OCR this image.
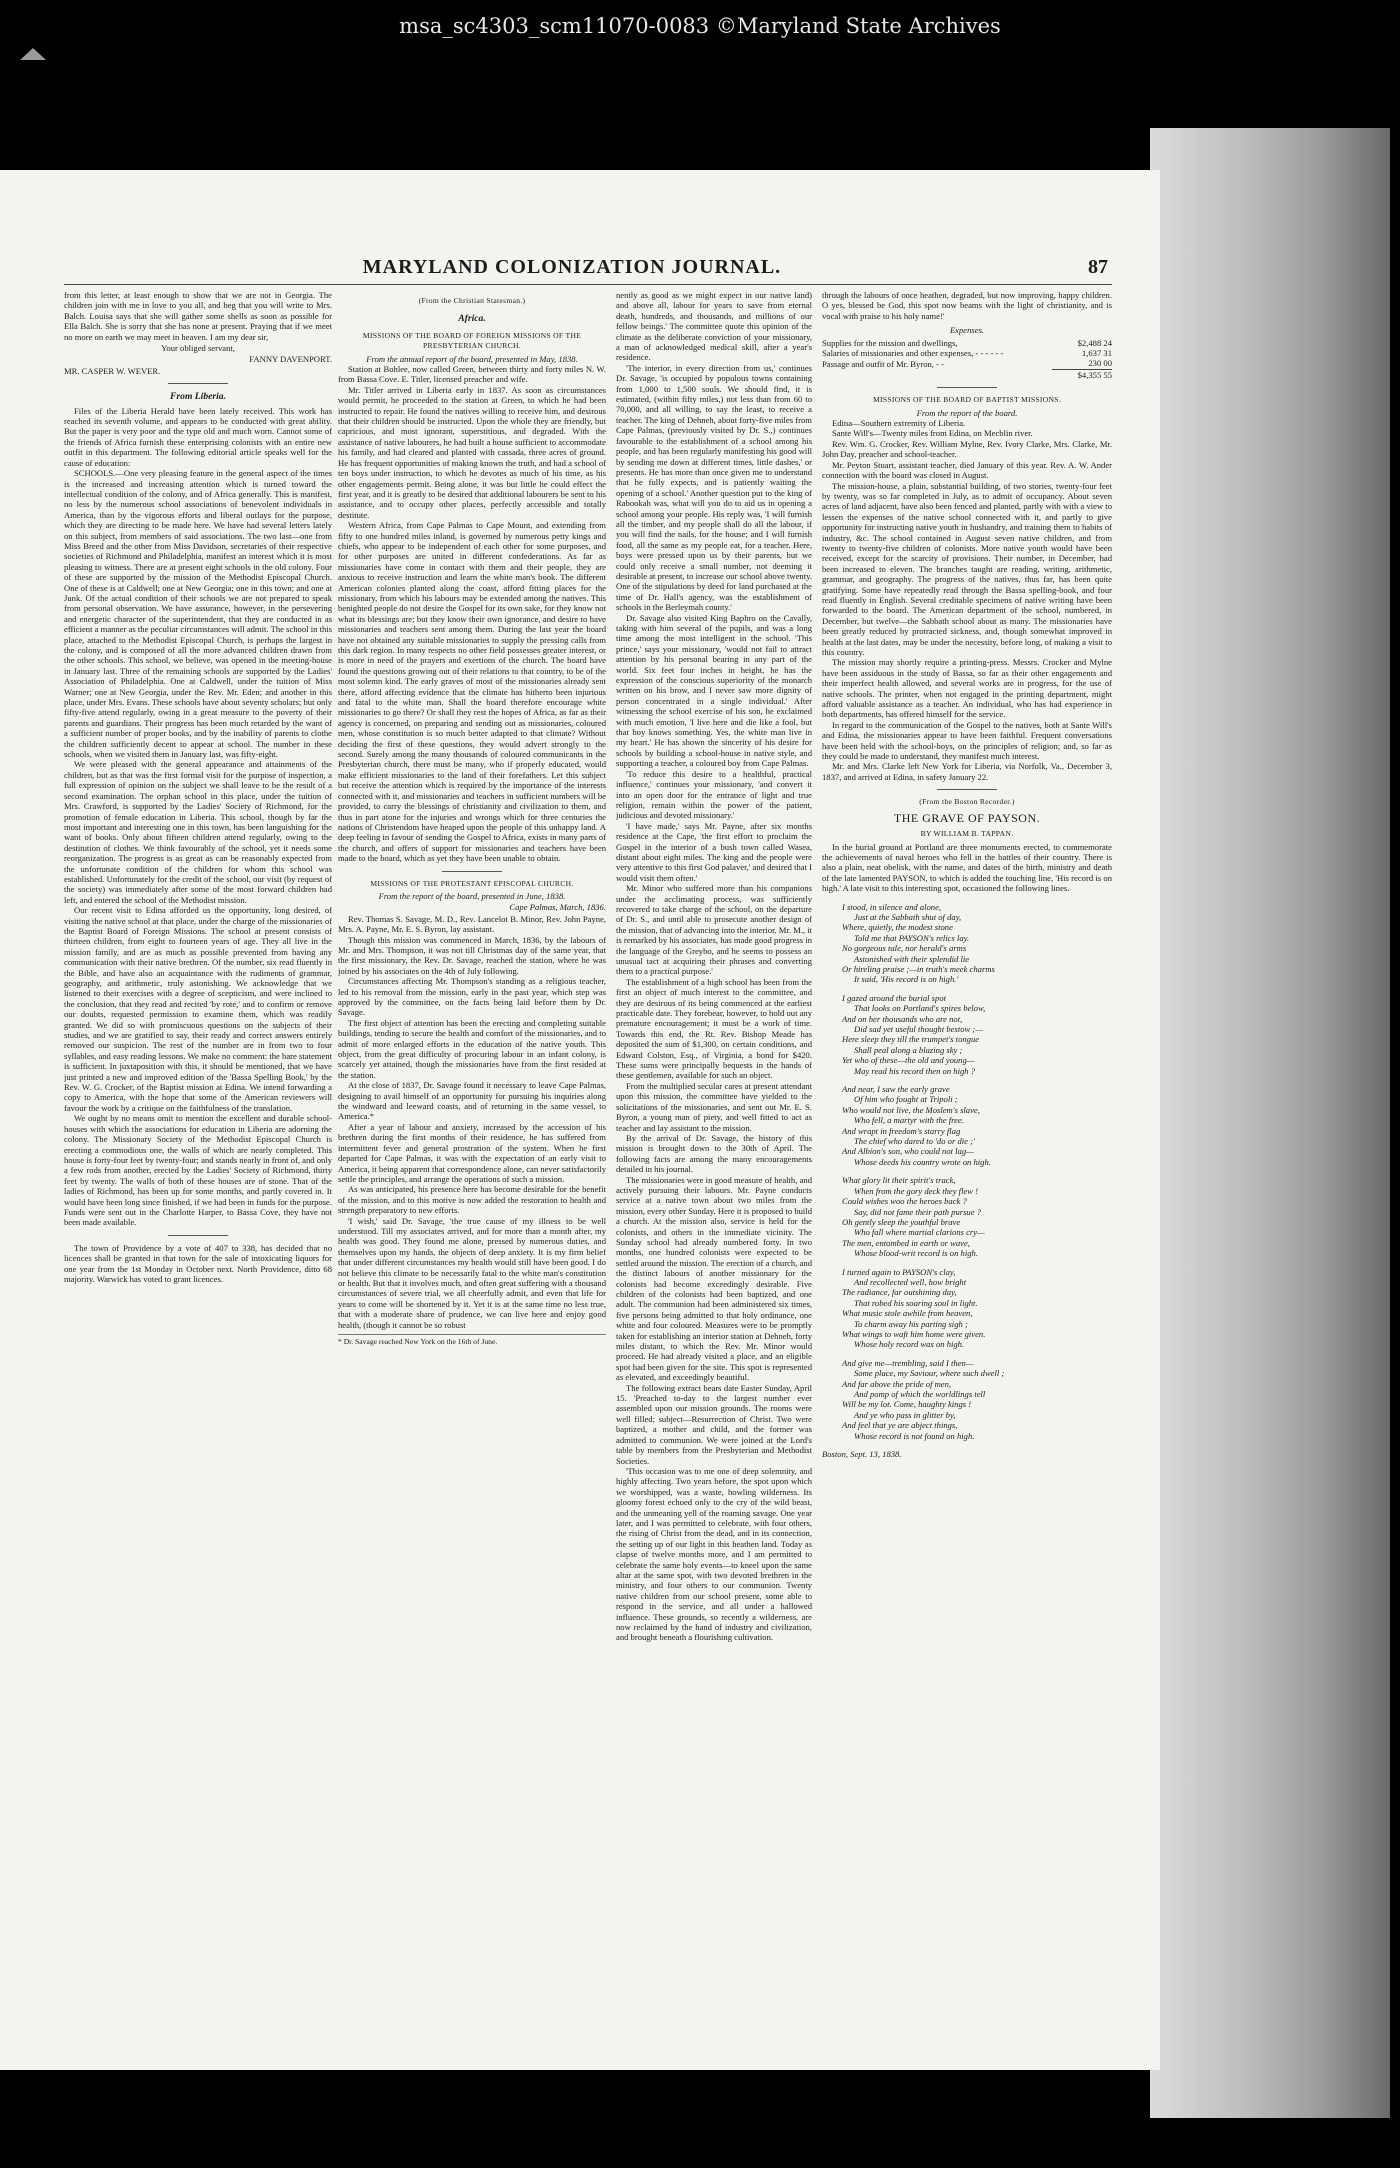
msa_sc4303_scm11070-0083 ©Maryland State Archives
MARYLAND COLONIZATION JOURNAL.	87

from this letter, at least enough to show that we are not in Georgia. The children join with me in love to you all, and beg that you will write to Mrs. Balch. Louisa says that she will gather some shells as soon as possible for Ella Balch. She is sorry that she has none at present. Praying that if we meet no more on earth we may meet in heaven. I am my dear sir,

Your obliged servant,
FANNY DAVENPORT.

MR. CASPER W. WEVER.

From Liberia.

Files of the Liberia Herald have been lately received. This work has reached its seventh volume, and appears to be conducted with great ability. But the paper is very poor and the type old and much worn. Cannot some of the friends of Africa furnish these enterprising colonists with an entire new outfit in this department. The following editorial article speaks well for the cause of education:

SCHOOLS.—One very pleasing feature in the general aspect of the times is the increased and increasing attention which is turned toward the intellectual condition of the colony, and of Africa generally. This is manifest, no less by the numerous school associations of benevolent individuals in America, than by the vigorous efforts and liberal outlays for the purpose, which they are directing to be made here. We have had several letters lately on this subject, from members of said associations. The two last—one from Miss Breed and the other from Miss Davidson, secretaries of their respective societies of Richmond and Philadelphia, manifest an interest which it is most pleasing to witness. There are at present eight schools in the old colony. Four of these are supported by the mission of the Methodist Episcopal Church. One of these is at Caldwell; one at New Georgia; one in this town; and one at Junk. Of the actual condition of their schools we are not prepared to speak from personal observation. We have assurance, however, in the persevering and energetic character of the superintendent, that they are conducted in as efficient a manner as the peculiar circumstances will admit. The school in this place, attached to the Methodist Episcopal Church, is perhaps the largest in the colony, and is composed of all the more advanced children drawn from the other schools. This school, we believe, was opened in the meeting-house in January last. Three of the remaining schools are supported by the Ladies' Association of Philadelphia. One at Caldwell, under the tuition of Miss Warner; one at New Georgia, under the Rev. Mr. Eden; and another in this place, under Mrs. Evans. These schools have about seventy scholars; but only fifty-five attend regularly, owing in a great measure to the poverty of their parents and guardians. Their progress has been much retarded by the want of a sufficient number of proper books, and by the inability of parents to clothe the children sufficiently decent to appear at school. The number in these schools, when we visited them in January last, was fifty-eight.

We were pleased with the general appearance and attainments of the children, but as that was the first formal visit for the purpose of inspection, a full expression of opinion on the subject we shall leave to be the result of a second examination. The orphan school in this place, under the tuition of Mrs. Crawford, is supported by the Ladies' Society of Richmond, for the promotion of female education in Liberia. This school, though by far the most important and interesting one in this town, has been languishing for the want of books. Only about fifteen children attend regularly, owing to the destitution of clothes. We think favourably of the school, yet it needs some reorganization. The progress is as great as can be reasonably expected from the unfortunate condition of the children for whom this school was established. Unfortunately for the credit of the school, our visit (by request of the society) was immediately after some of the most forward children had left, and entered the school of the Methodist mission.

Our recent visit to Edina afforded us the opportunity, long desired, of visiting the native school at that place, under the charge of the missionaries of the Baptist Board of Foreign Missions. The school at present consists of thirteen children, from eight to fourteen years of age. They all live in the mission family, and are as much as possible prevented from having any communication with their native brethren. Of the number, six read fluently in the Bible, and have also an acquaintance with the rudiments of grammar, geography, and arithmetic, truly astonishing. We acknowledge that we listened to their exercises with a degree of scepticism, and were inclined to the conclusion, that they read and recited 'by rote,' and to confirm or remove our doubts, requested permission to examine them, which was readily granted. We did so with promiscuous questions on the subjects of their studies, and we are gratified to say, their ready and correct answers entirely removed our suspicion. The rest of the number are in from two to four syllables, and easy reading lessons. We make no comment: the bare statement is sufficient. In juxtaposition with this, it should be mentioned, that we have just printed a new and improved edition of the 'Bassa Spelling Book,' by the Rev. W. G. Crocker, of the Baptist mission at Edina. We intend forwarding a copy to America, with the hope that some of the American reviewers will favour the work by a critique on the faithfulness of the translation.

We ought by no means omit to mention the excellent and durable school-houses with which the associations for education in Liberia are adorning the colony. The Missionary Society of the Methodist Episcopal Church is erecting a commodious one, the walls of which are nearly completed. This house is forty-four feet by twenty-four; and stands nearly in front of, and only a few rods from another, erected by the Ladies' Society of Richmond, thirty feet by twenty. The walls of both of these houses are of stone. That of the ladies of Richmond, has been up for some months, and partly covered in. It would have been long since finished, if we had been in funds for the purpose. Funds were sent out in the Charlotte Harper, to Bassa Cove, they have not been made available.

The town of Providence by a vote of 407 to 338, has decided that no licences shall be granted in that town for the sale of intoxicating liquors for one year from the 1st Monday in October next. North Providence, ditto 68 majority. Warwick has voted to grant licences.

(From the Christian Statesman.)
Africa.
MISSIONS OF THE BOARD OF FOREIGN MISSIONS OF THE PRESBYTERIAN CHURCH.
From the annual report of the board, presented in May, 1838.

Station at Bohlee, now called Green, between thirty and forty miles N. W. from Bassa Cove. E. Titler, licensed preacher and wife.

Mr. Titler arrived in Liberia early in 1837. As soon as circumstances would permit, he proceeded to the station at Green, to which he had been instructed to repair. He found the natives willing to receive him, and desirous that their children should be instructed. Upon the whole they are friendly, but capricious, and most ignorant, superstitious, and degraded. With the assistance of native labourers, he had built a house sufficient to accommodate his family, and had cleared and planted with cassada, three acres of ground. He has frequent opportunities of making known the truth, and had a school of ten boys under instruction, to which he devotes as much of his time, as his other engagements permit. Being alone, it was but little he could effect the first year, and it is greatly to be desired that additional labourers be sent to his assistance, and to occupy other places, perfectly accessible and totally destitute.

Western Africa, from Cape Palmas to Cape Mount, and extending from fifty to one hundred miles inland, is governed by numerous petty kings and chiefs, who appear to be independent of each other for some purposes, and for other purposes are united in different confederations. As far as missionaries have come in contact with them and their people, they are anxious to receive instruction and learn the white man's book. The different American colonies planted along the coast, afford fitting places for the missionary, from which his labours may be extended among the natives. This benighted people do not desire the Gospel for its own sake, for they know not what its blessings are; but they know their own ignorance, and desire to have missionaries and teachers sent among them. During the last year the board have not obtained any suitable missionaries to supply the pressing calls from this dark region. In many respects no other field possesses greater interest, or is more in need of the prayers and exertions of the church. The board have found the questions growing out of their relations to that country, to be of the most solemn kind. The early graves of most of the missionaries already sent there, afford affecting evidence that the climate has hitherto been injurious and fatal to the white man. Shall the board therefore encourage white missionaries to go there? Or shall they rest the hopes of Africa, as far as their agency is concerned, on preparing and sending out as missionaries, coloured men, whose constitution is so much better adapted to that climate? Without deciding the first of these questions, they would advert strongly to the second. Surely among the many thousands of coloured communicants in the Presbyterian church, there must be many, who if properly educated, would make efficient missionaries to the land of their forefathers. Let this subject but receive the attention which is required by the importance of the interests connected with it, and missionaries and teachers in sufficient numbers will be provided, to carry the blessings of christianity and civilization to them, and thus in part atone for the injuries and wrongs which for three centuries the nations of Christendom have heaped upon the people of this unhappy land. A deep feeling in favour of sending the Gospel to Africa, exists in many parts of the church, and offers of support for missionaries and teachers have been made to the board, which as yet they have been unable to obtain.

MISSIONS OF THE PROTESTANT EPISCOPAL CHURCH.
From the report of the board, presented in June, 1838.
Cape Palmas, March, 1836.

Rev. Thomas S. Savage, M. D., Rev. Lancelot B. Minor, Rev. John Payne, Mrs. A. Payne, Mr. E. S. Byron, lay assistant.

Though this mission was commenced in March, 1836, by the labours of Mr. and Mrs. Thompson, it was not till Christmas day of the same year, that the first missionary, the Rev. Dr. Savage, reached the station, where he was joined by his associates on the 4th of July following.

Circumstances affecting Mr. Thompson's standing as a religious teacher, led to his removal from the mission, early in the past year, which step was approved by the committee, on the facts being laid before them by Dr. Savage.

The first object of attention has been the erecting and completing suitable buildings, tending to secure the health and comfort of the missionaries, and to admit of more enlarged efforts in the education of the native youth. This object, from the great difficulty of procuring labour in an infant colony, is scarcely yet attained, though the missionaries have from the first resided at the station.

At the close of 1837, Dr. Savage found it necessary to leave Cape Palmas, designing to avail himself of an opportunity for pursuing his inquiries along the windward and leeward coasts, and of returning in the same vessel, to America.*

After a year of labour and anxiety, increased by the accession of his brethren during the first months of their residence, he has suffered from intermittent fever and general prostration of the system. When he first departed for Cape Palmas, it was with the expectation of an early visit to America, it being apparent that correspondence alone, can never satisfactorily settle the principles, and arrange the operations of such a mission.

As was anticipated, his presence here has become desirable for the benefit of the mission, and to this motive is now added the restoration to health and strength preparatory to new efforts.

'I wish,' said Dr. Savage, 'the true cause of my illness to be well understood. Till my associates arrived, and for more than a month after, my health was good. They found me alone, pressed by numerous duties, and themselves upon my hands, the objects of deep anxiety. It is my firm belief that under different circumstances my health would still have been good. I do not believe this climate to be necessarily fatal to the white man's constitution or health. But that it involves much, and often great suffering with a thousand circumstances of severe trial, we all cheerfully admit, and even that life for years to come will be shortened by it. Yet it is at the same time no less true, that with a moderate share of prudence, we can live here and enjoy good health, (though it cannot be so robust

* Dr. Savage reached New York on the 16th of June.

nently as good as we might expect in our native land) and above all, labour for years to save from eternal death, hundreds, and thousands, and millions of our fellow beings.' The committee quote this opinion of the climate as the deliberate conviction of your missionary, a man of acknowledged medical skill, after a year's residence.

'The interior, in every direction from us,' continues Dr. Savage, 'is occupied by populous towns containing from 1,000 to 1,500 souls. We should find, it is estimated, (within fifty miles,) not less than from 60 to 70,000, and all willing, to say the least, to receive a teacher. The king of Dehneh, about forty-five miles from Cape Palmas, (previously visited by Dr. S.,) continues favourable to the establishment of a school among his people, and has been regularly manifesting his good will by sending me down at different times, little dashes,' or presents. He has more than once given me to understand that he fully expects, and is patiently waiting the opening of a school.' Another question put to the king of Rabookah was, what will you do to aid us in opening a school among your people. His reply was, 'I will furnish all the timber, and my people shall do all the labour, if you will find the nails, for the house; and I will furnish food, all the same as my people eat, for a teacher. Here, boys were pressed upon us by their parents, but we could only receive a small number, not deeming it desirable at present, to increase our school above twenty. One of the stipulations by deed for land purchased at the time of Dr. Hall's agency, was the establishment of schools in the Berleymah county.'

Dr. Savage also visited King Baphro on the Cavally, taking with him several of the pupils, and was a long time among the most intelligent in the school. 'This prince,' says your missionary, 'would not fail to attract attention by his personal bearing in any part of the world. Six feet four inches in height, he has the expression of the conscious superiority of the monarch written on his brow, and I never saw more dignity of person concentrated in a single individual.' After witnessing the school exercise of his son, he exclaimed with much emotion, 'I live here and die like a fool, but that boy knows something. Yes, the white man live in my heart.' He has shown the sincerity of his desire for schools by building a school-house in native style, and supporting a teacher, a coloured boy from Cape Palmas.

'To reduce this desire to a healthful, practical influence,' continues your missionary, 'and convert it into an open door for the entrance of light and true religion, remain within the power of the patient, judicious and devoted missionary.'

'I have made,' says Mr. Payne, after six months residence at the Cape, 'the first effort to proclaim the Gospel in the interior of a bush town called Wasea, distant about eight miles. The king and the people were very attentive to this first God palaver,' and desired that I would visit them often.'

Mr. Minor who suffered more than his companions under the acclimating process, was sufficiently recovered to take charge of the school, on the departure of Dr. S., and until able to prosecute another design of the mission, that of advancing into the interior. Mr. M., it is remarked by his associates, has made good progress in the language of the Greybo, and he seems to possess an unusual tact at acquiring their phrases and converting them to a practical purpose.'

The establishment of a high school has been from the first an object of much interest to the committee, and they are desirous of its being commenced at the earliest practicable date. They forebear, however, to hold out any premature encouragement; it must be a work of time. Towards this end, the Rt. Rev. Bishop Meade has deposited the sum of $1,300, on certain conditions, and Edward Colston, Esq., of Virginia, a bond for $420. These sums were principally bequests in the hands of these gentlemen, available for such an object.

From the multiplied secular cares at present attendant upon this mission, the committee have yielded to the solicitations of the missionaries, and sent out Mr. E. S. Byron, a young man of piety, and well fitted to act as teacher and lay assistant to the mission.

By the arrival of Dr. Savage, the history of this mission is brought down to the 30th of April. The following facts are among the many encouragements detailed in his journal.

The missionaries were in good measure of health, and actively pursuing their labours. Mr. Payne conducts service at a native town about two miles from the mission, every other Sunday. Here it is proposed to build a church. At the mission also, service is held for the colonists, and others in the immediate vicinity. The Sunday school had already numbered forty. In two months, one hundred colonists were expected to be settled around the mission. The erection of a church, and the distinct labours of another missionary for the colonists had become exceedingly desirable. Five children of the colonists had been baptized, and one adult. The communion had been administered six times, five persons being admitted to that holy ordinance, one white and four coloured. Measures were to be promptly taken for establishing an interior station at Dehneh, forty miles distant, to which the Rev. Mr. Minor would proceed. He had already visited a place, and an eligible spot had been given for the site. This spot is represented as elevated, and exceedingly beautiful.

The following extract bears date Easter Sunday, April 15. 'Preached to-day to the largest number ever assembled upon our mission grounds. The rooms were well filled; subject—Resurrection of Christ. Two were baptized, a mother and child, and the former was admitted to communion. We were joined at the Lord's table by members from the Presbyterian and Methodist Societies.

'This occasion was to me one of deep solemnity, and highly affecting. Two years before, the spot upon which we worshipped, was a waste, howling wilderness. Its gloomy forest echoed only to the cry of the wild beast, and the unmeaning yell of the roaming savage. One year later, and I was permitted to celebrate, with four others, the rising of Christ from the dead, and in its connection, the setting up of our light in this heathen land. Today as clapse of twelve months more, and I am permitted to celebrate the same holy events—to kneel upon the same altar at the same spot, with two devoted brethren in the ministry, and four others to our communion. Twenty native children from our school present, some able to respond in the service, and all under a hallowed influence. These grounds, so recently a wilderness, are now reclaimed by the hand of industry and civilization, and brought beneath a flourishing cultivation.

through the labours of once heathen, degraded, but now improving, happy children. O yes, blessed be God, this spot now beams with the light of christianity, and is vocal with praise to his holy name!'

Expenses.
Supplies for the mission and dwellings,	$2,488 24
Salaries of missionaries and other expenses, - - - - - -	1,637 31
Passage and outfit of Mr. Byron, - -	230 00
	$4,355 55
MISSIONS OF THE BOARD OF BAPTIST MISSIONS.
From the report of the board.

Edina—Southern extremity of Liberia.

Sante Will's—Twenty miles from Edina, on Mecblin river.

Rev. Wm. G. Crocker, Rev. William Mylne, Rev. Ivory Clarke, Mrs. Clarke, Mr. John Day, preacher and school-teacher.

Mr. Peyton Stuart, assistant teacher, died January of this year. Rev. A. W. Ander connection with the board was closed in August.

The mission-house, a plain, substantial building, of two stories, twenty-four feet by twenty, was so far completed in July, as to admit of occupancy. About seven acres of land adjacent, have also been fenced and planted, partly with with a view to lessen the expenses of the native school connected with it, and partly to give opportunity for instructing native youth in husbandry, and training them to habits of industry, &c. The school contained in August seven native children, and from twenty to twenty-five children of colonists. More native youth would have been received, except for the scarcity of provisions. Their number, in December, had been increased to eleven. The branches taught are reading, writing, arithmetic, grammar, and geography. The progress of the natives, thus far, has been quite gratifying. Some have repeatedly read through the Bassa spelling-book, and four read fluently in English. Several creditable specimens of native writing have been forwarded to the board. The American department of the school, numbered, in December, but twelve—the Sabbath school about as many. The missionaries have been greatly reduced by protracted sickness, and, though somewhat improved in health at the last dates, may be under the necessity, before long, of making a visit to this country.

The mission may shortly require a printing-press. Messrs. Crocker and Mylne have been assiduous in the study of Bassa, so far as their other engagements and their imperfect health allowed, and several works are in progress, for the use of native schools. The printer, when not engaged in the printing department, might afford valuable assistance as a teacher. An individual, who has had experience in both departments, has offered himself for the service.

In regard to the communication of the Gospel to the natives, both at Sante Will's and Edina, the missionaries appear to have been faithful. Frequent conversations have been held with the school-boys, on the principles of religion; and, so far as they could be made to understand, they manifest much interest.

Mr. and Mrs. Clarke left New York for Liberia, via Norfolk, Va., December 3, 1837, and arrived at Edina, in safety January 22.

(From the Boston Recorder.)
THE GRAVE OF PAYSON.
BY WILLIAM B. TAPPAN.

In the burial ground at Portland are three monuments erected, to commemorate the achievements of naval heroes who fell in the battles of their country. There is also a plain, neat obelisk, with the name, and dates of the birth, ministry and death of the late lamented PAYSON, to which is added the touching line, 'His record is on high.' A late visit to this interesting spot, occasioned the following lines.

I stood, in silence and alone,
Just at the Sabbath shut of day,
Where, quietly, the modest stone
Told me that PAYSON's relics lay.
No gorgeous tale, nor herald's arms
Astonished with their splendid lie
Or hireling praise ;—in truth's meek charms
It said, 'His record is on high.'
I gazed around the burial spot
That looks on Portland's spires below,
And on her thousands who are not,
Did sad yet useful thought bestow ;—
Here sleep they till the trumpet's tongue
Shall peal along a blazing sky ;
Yet who of these—the old and young—
May read his record then on high ?
And near, I saw the early grave
Of him who fought at Tripoli ;
Who would not live, the Moslem's slave,
Who fell, a martyr with the free.
And wrapt in freedom's starry flag
The chief who dared to 'do or die ;'
And Albion's son, who could not lag—
Whose deeds his country wrote on high.
What glory lit their spirit's track,
When from the gory deck they flew !
Could wishes woo the heroes back ?
Say, did not fame their path pursue ?
Oh gently sleep the youthful brave
Who fall where martial clarions cry—
The men, entombed in earth or wave,
Whose blood-writ record is on high.
I turned again to PAYSON's clay,
And recollected well, how bright
The radiance, far outshining day,
That robed his soaring soul in light.
What music stole awhile from heaven,
To charm away his parting sigh ;
What wings to waft him home were given.
Whose holy record was on high.
And give me—trembling, said I then—
Some place, my Saviour, where such dwell ;
And far above the pride of men,
And pomp of which the worldlings tell
Will be my lot. Come, haughty kings !
And ye who pass in glitter by,
And feel that ye are abject things,
Whose record is not found on high.
Boston, Sept. 13, 1838.
